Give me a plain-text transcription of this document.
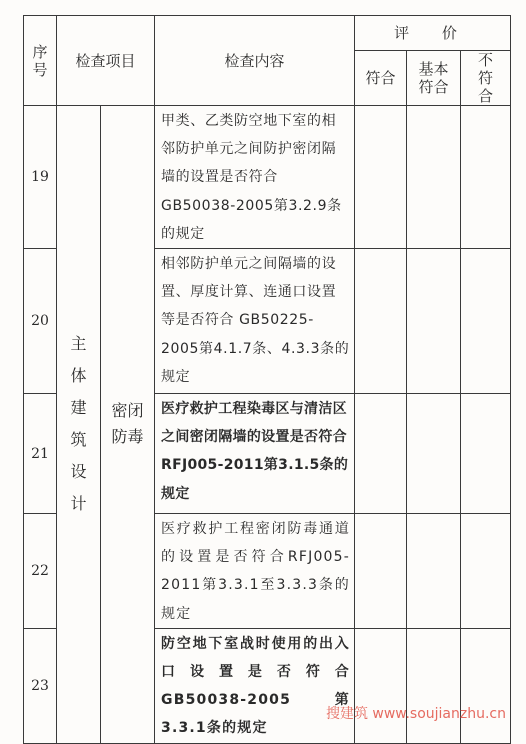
序号	检查项目		检查内容	评 价		
				符合	基本符合	不符合

19	主体建筑设计	密闭防毒	甲类、乙类防空地下室的相邻防护单元之间防护密闭隔墙的设置是否符合GB50038-2005第3.2.9条的规定			
20			相邻防护单元之间隔墙的设置、厚度计算、连通口设置等是否符合 GB50225-2005第4.1.7条、4.3.3条的规定			
21			医疗救护工程染毒区与清洁区之间密闭隔墙的设置是否符合RFJ005-2011第3.1.5条的规定			
22			医疗救护工程密闭防毒通道的设置是否符合RFJ005-2011第3.3.1至3.3.3条的规定			
23			防空地下室战时使用的出入口设置是否符合GB50038-2005第3.3.1条的规定			
搜建筑 www.soujianzhu.cn
